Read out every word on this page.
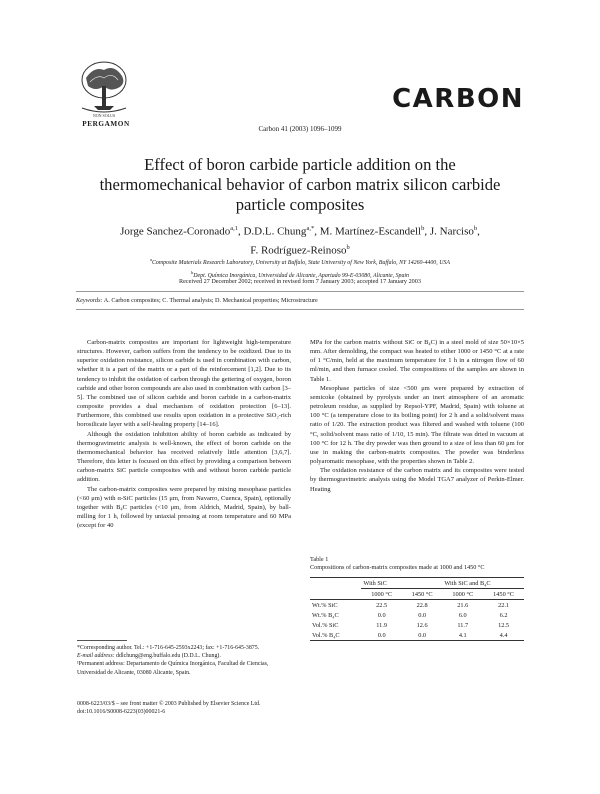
NON SOLUS
PERGAMON
CARBON
Carbon 41 (2003) 1096–1099
Effect of boron carbide particle addition on the
thermomechanical behavior of carbon matrix silicon carbide
particle composites
Jorge Sanchez-Coronado$^{a,1}$, D.D.L. Chung$^{a,*}$, M. Martínez-Escandell$^b$, J. Narciso$^b$,
F. Rodríguez-Reinoso$^b$
$^a$Composite Materials Research Laboratory, University at Buffalo, State University of New York, Buffalo, NY 14260-4400, USA
$^b$Dept. Química Inorgánica, Universidad de Alicante, Apartado 99-E-03080, Alicante, Spain
Received 27 December 2002; received in revised form 7 January 2003; accepted 17 January 2003
Keywords: A. Carbon composites; C. Thermal analysis; D. Mechanical properties; Microstructure

Carbon-matrix composites are important for lightweight high-temperature structures. However, carbon suffers from the tendency to be oxidized. Due to its superior oxidation resistance, silicon carbide is used in combination with carbon, whether it is a part of the matrix or a part of the reinforcement [1,2]. Due to its tendency to inhibit the oxidation of carbon through the gettering of oxygen, boron carbide and other boron compounds are also used in combination with carbon [3–5]. The combined use of silicon carbide and boron carbide in a carbon-matrix composite provides a dual mechanism of oxidation protection [6–13]. Furthermore, this combined use results upon oxidation in a protective SiO₂-rich borosilicate layer with a self-healing property [14–16].

Although the oxidation inhibition ability of boron carbide as indicated by thermogravimetric analysis is well-known, the effect of boron carbide on the thermomechanical behavior has received relatively little attention [3,6,7]. Therefore, this letter is focused on this effect by providing a comparison between carbon-matrix SiC particle composites with and without boron carbide particle addition.

The carbon-matrix composites were prepared by mixing mesophase particles (<60 μm) with α-SiC particles (15 μm, from Navarro, Cuenca, Spain), optionally together with B₄C particles (<10 μm, from Aldrich, Madrid, Spain), by ball-milling for 1 h, followed by uniaxial pressing at room temperature and 60 MPa (except for 40

*Corresponding author. Tel.: +1-716-645-2593x2243; fax: +1-716-645-3875.

E-mail address: ddlchung@eng.buffalo.edu (D.D.L. Chung).

¹Permanent address: Departamento de Química Inorgánica, Facultad de Ciencias, Universidad de Alicante, 03080 Alicante, Spain.

MPa for the carbon matrix without SiC or B₄C) in a steel mold of size 50×10×5 mm. After demolding, the compact was heated to either 1000 or 1450 °C at a rate of 1 °C/min, held at the maximum temperature for 1 h in a nitrogen flow of 60 ml/min, and then furnace cooled. The compositions of the samples are shown in Table 1.

Mesophase particles of size <500 μm were prepared by extraction of semicoke (obtained by pyrolysis under an inert atmosphere of an aromatic petroleum residue, as supplied by Repsol-YPF, Madrid, Spain) with toluene at 100 °C (a temperature close to its boiling point) for 2 h and a solid/solvent mass ratio of 1/20. The extraction product was filtered and washed with toluene (100 °C, solid/solvent mass ratio of 1/10, 15 min). The filtrate was dried in vacuum at 100 °C for 12 h. The dry powder was then ground to a size of less than 60 μm for use in making the carbon-matrix composites. The powder was binderless polyaromatic mesophase, with the properties shown in Table 2.

The oxidation resistance of the carbon matrix and its composites were tested by thermogravimetric analysis using the Model TGA7 analyzer of Perkin-Elmer. Heating

Table 1
Compositions of carbon-matrix composites made at 1000 and 1450 °C
	With SiC		With SiC and B₄C	
	1000 °C	1450 °C	1000 °C	1450 °C
Wt.% SiC	22.5	22.8	21.6	22.1
Wt.% B₄C	0.0	0.0	6.0	6.2
Vol.% SiC	11.9	12.6	11.7	12.5
Vol.% B₄C	0.0	0.0	4.1	4.4
0008-6223/03/$ – see front matter © 2003 Published by Elsevier Science Ltd.
doi:10.1016/S0008-6223(03)00021-6
